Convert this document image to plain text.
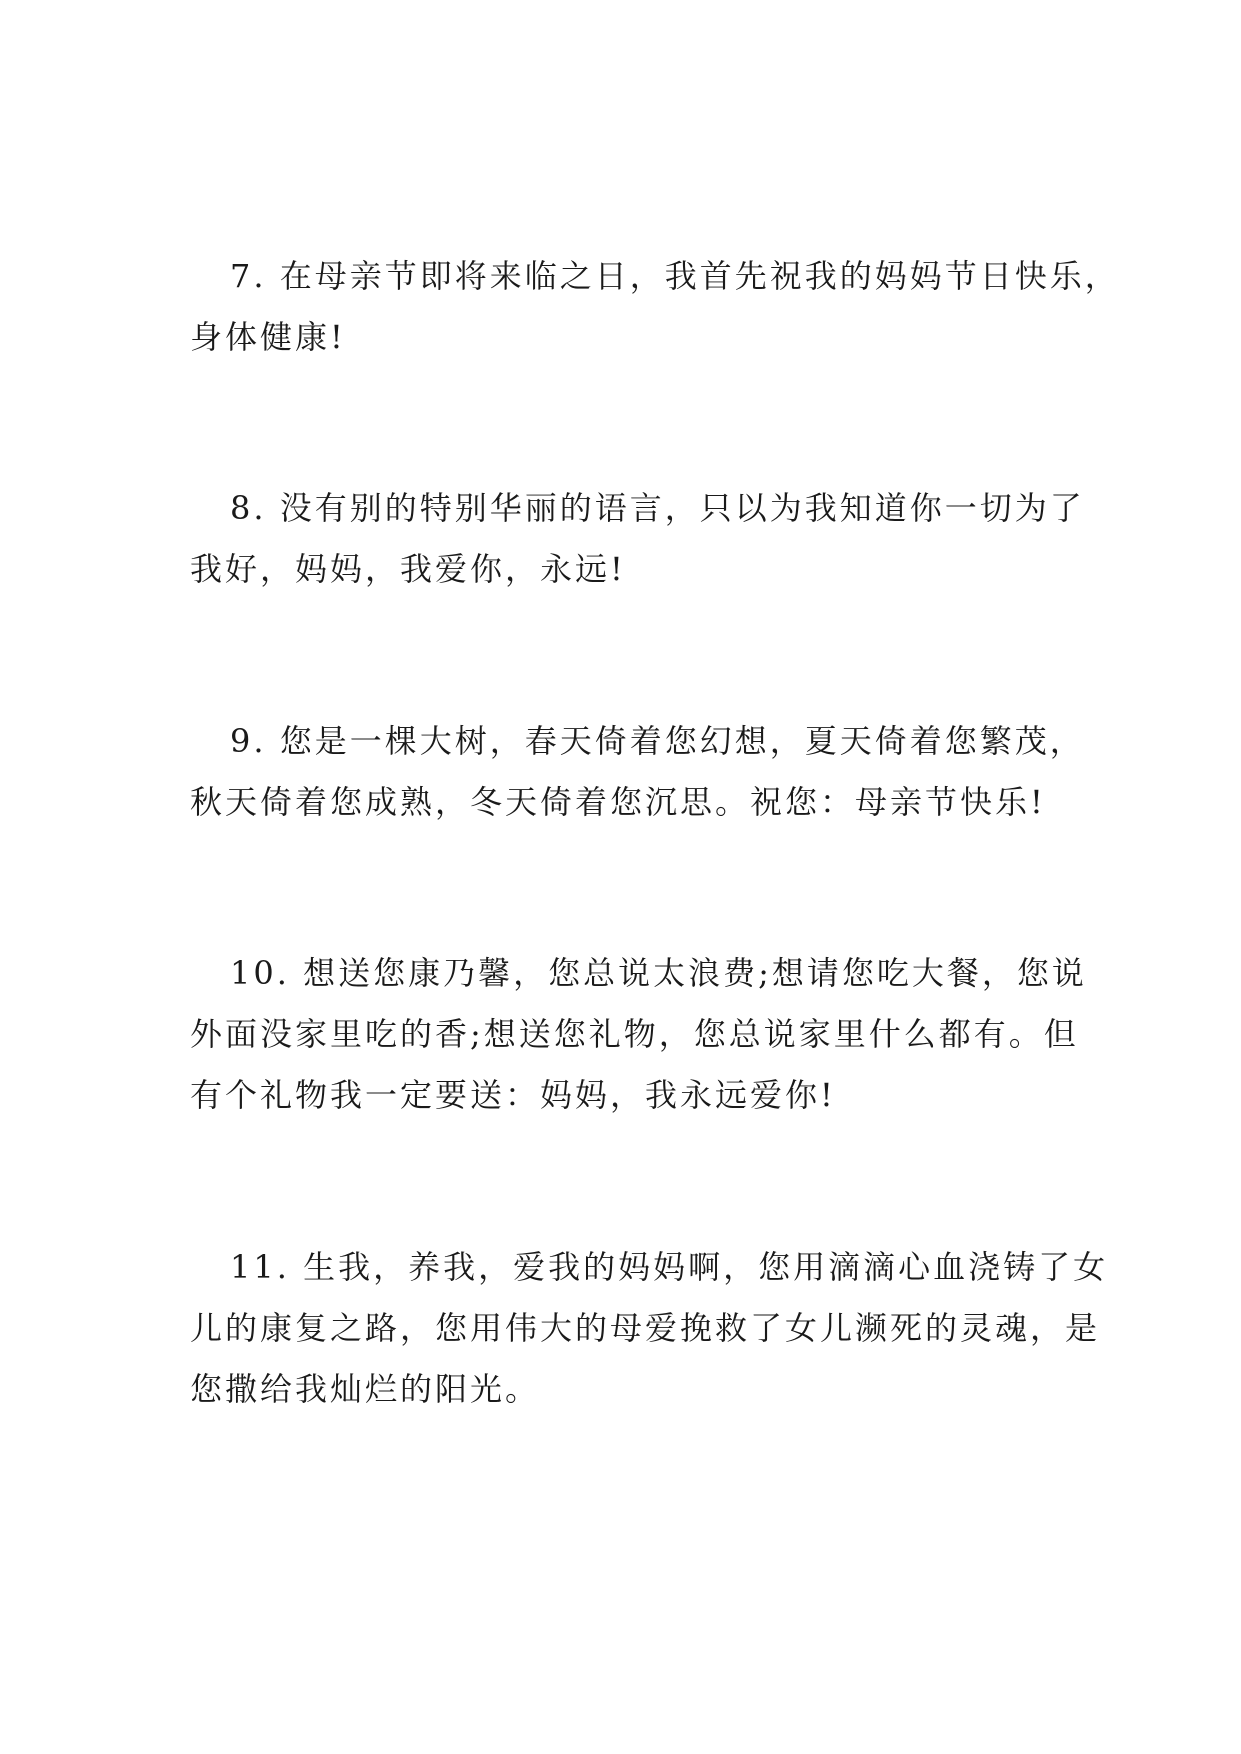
7. 在母亲节即将来临之日，我首先祝我的妈妈节日快乐，
身体健康!

8. 没有别的特别华丽的语言，只以为我知道你一切为了
我好，妈妈，我爱你，永远!

9. 您是一棵大树，春天倚着您幻想，夏天倚着您繁茂，
秋天倚着您成熟，冬天倚着您沉思。祝您：母亲节快乐!

10. 想送您康乃馨，您总说太浪费;想请您吃大餐，您说
外面没家里吃的香;想送您礼物，您总说家里什么都有。但
有个礼物我一定要送：妈妈，我永远爱你!

11. 生我，养我，爱我的妈妈啊，您用滴滴心血浇铸了女
儿的康复之路，您用伟大的母爱挽救了女儿濒死的灵魂，是
您撒给我灿烂的阳光。
